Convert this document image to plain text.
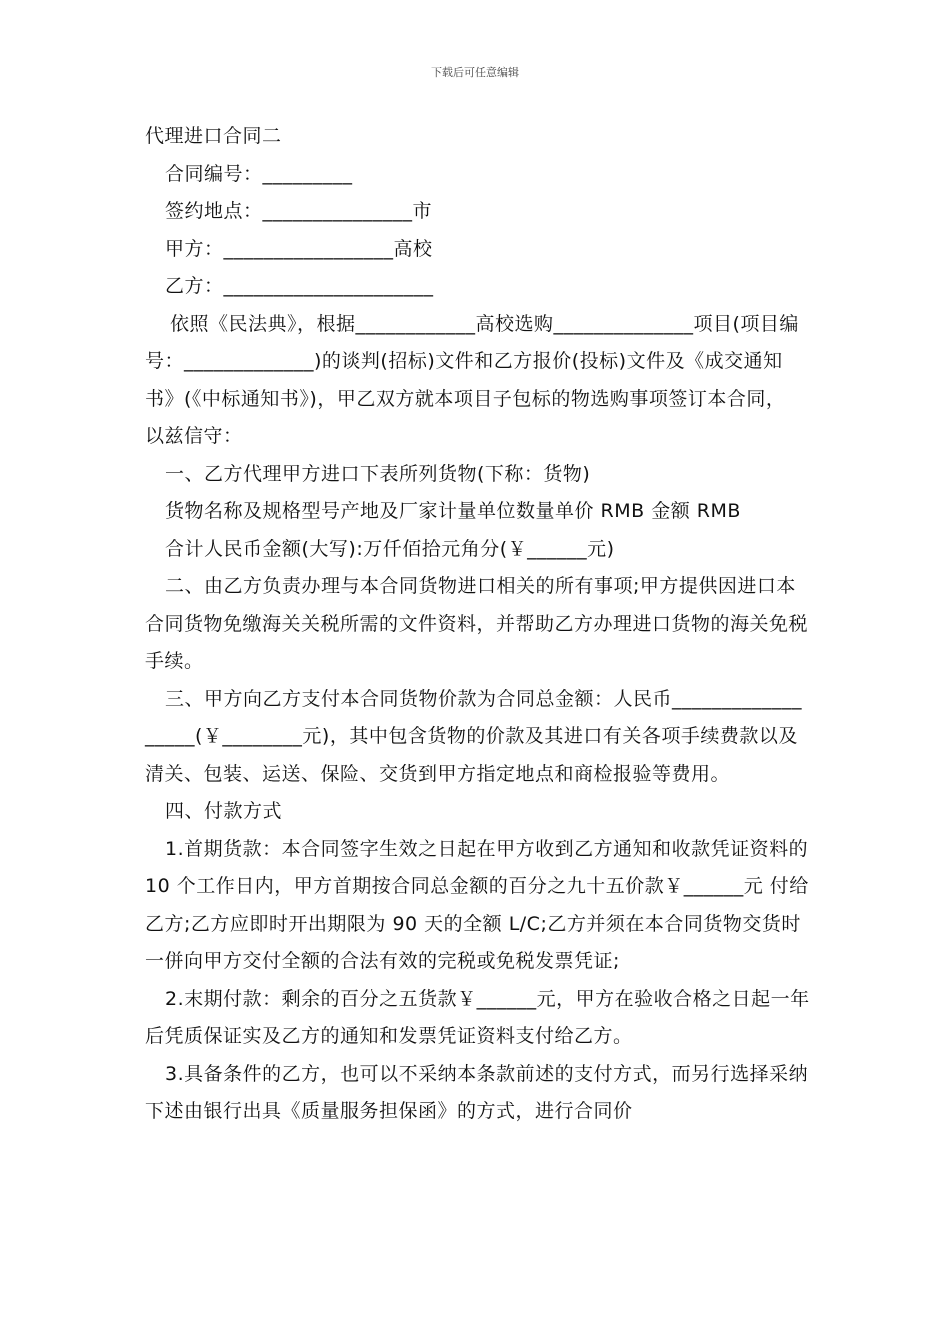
下载后可任意编辑

代理进口合同二

合同编号：_________

签约地点：_______________市

甲方：_________________高校

乙方：_____________________

依照《民法典》，根据____________高校选购______________项目(项目编号：_____________)的谈判(招标)文件和乙方报价(投标)文件及《成交通知书》(《中标通知书》)，甲乙双方就本项目子包标的物选购事项签订本合同， 以兹信守：

一、乙方代理甲方进口下表所列货物(下称：货物)

货物名称及规格型号产地及厂家计量单位数量单价 RMB 金额 RMB

合计人民币金额(大写):万仟佰拾元角分(￥______元)

二、由乙方负责办理与本合同货物进口相关的所有事项;甲方提供因进口本合同货物免缴海关关税所需的文件资料，并帮助乙方办理进口货物的海关免税手续。

三、甲方向乙方支付本合同货物价款为合同总金额：人民币__________________(￥________元)，其中包含货物的价款及其进口有关各项手续费款以及清关、包装、运送、保险、交货到甲方指定地点和商检报验等费用。

四、付款方式

1.首期货款：本合同签字生效之日起在甲方收到乙方通知和收款凭证资料的 10 个工作日内，甲方首期按合同总金额的百分之九十五价款￥______元 付给乙方;乙方应即时开出期限为 90 天的全额 L/C;乙方并须在本合同货物交货时一併向甲方交付全额的合法有效的完税或免税发票凭证;

2.末期付款：剩余的百分之五货款￥______元，甲方在验收合格之日起一年后凭质保证实及乙方的通知和发票凭证资料支付给乙方。

3.具备条件的乙方，也可以不采纳本条款前述的支付方式，而另行选择采纳下述由银行出具《质量服务担保函》的方式，进行合同价
